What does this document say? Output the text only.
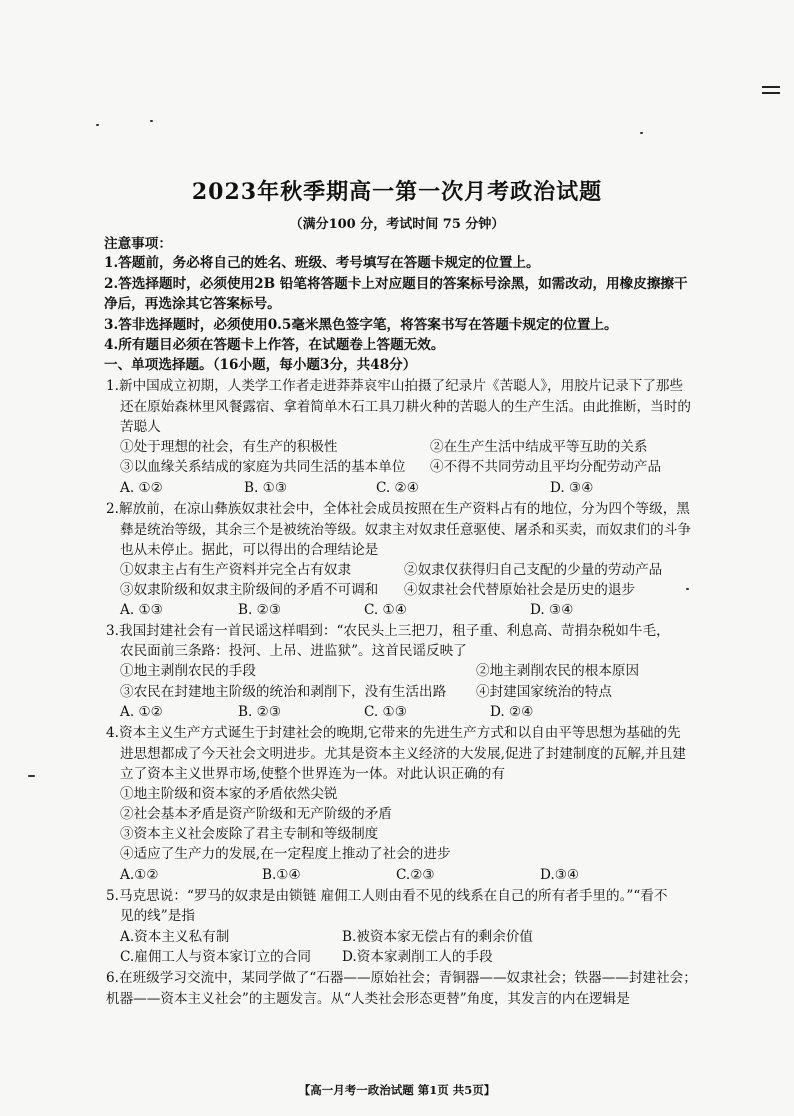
2023年秋季期高一第一次月考政治试题
（满分100 分，考试时间 75 分钟）
注意事项：
1.答题前，务必将自己的姓名、班级、考号填写在答题卡规定的位置上。
2.答选择题时，必须使用2B 铅笔将答题卡上对应题目的答案标号涂黑，如需改动，用橡皮擦擦干
净后，再选涂其它答案标号。
3.答非选择题时，必须使用0.5毫米黑色签字笔，将答案书写在答题卡规定的位置上。
4.所有题目必须在答题卡上作答，在试题卷上答题无效。
一、单项选择题。（16小题，每小题3分，共48分）
1.新中国成立初期，人类学工作者走进莽莽哀牢山拍摄了纪录片《苦聪人》，用胶片记录下了那些
还在原始森林里风餐露宿、拿着简单木石工具刀耕火种的苦聪人的生产生活。由此推断，当时的
苦聪人
①处于理想的社会，有生产的积极性	②在生产生活中结成平等互助的关系
③以血缘关系结成的家庭为共同生活的基本单位 ④不得不共同劳动且平均分配劳动产品
A. ①②	B. ①③	C. ②④	D. ③④
2.解放前，在凉山彝族奴隶社会中，全体社会成员按照在生产资料占有的地位，分为四个等级，黑
彝是统治等级，其余三个是被统治等级。奴隶主对奴隶任意驱使、屠杀和买卖，而奴隶们的斗争
也从未停止。据此，可以得出的合理结论是
①奴隶主占有生产资料并完全占有奴隶	②奴隶仅获得归自己支配的少量的劳动产品
③奴隶阶级和奴隶主阶级间的矛盾不可调和 ④奴隶社会代替原始社会是历史的退步
A. ①③	B. ②③	C. ①④	D. ③④
3.我国封建社会有一首民谣这样唱到：“农民头上三把刀，租子重、利息高、苛捐杂税如牛毛，
农民面前三条路：投河、上吊、进监狱”。这首民谣反映了
①地主剥削农民的手段	②地主剥削农民的根本原因
③农民在封建地主阶级的统治和剥削下，没有生活出路 ④封建国家统治的特点
A. ①②	B. ②③	C. ①③	D. ②④
4.资本主义生产方式诞生于封建社会的晚期,它带来的先进生产方式和以自由平等思想为基础的先
进思想都成了今天社会文明进步。尤其是资本主义经济的大发展,促进了封建制度的瓦解,并且建
立了资本主义世界市场,使整个世界连为一体。对此认识正确的有
①地主阶级和资本家的矛盾依然尖锐
②社会基本矛盾是资产阶级和无产阶级的矛盾
③资本主义社会废除了君主专制和等级制度
④适应了生产力的发展,在一定程度上推动了社会的进步
A.①②	B.①④	C.②③	D.③④
5.马克思说：“罗马的奴隶是由锁链 雇佣工人则由看不见的线系在自己的所有者手里的。”“看不
见的线”是指
A.资本主义私有制	B.被资本家无偿占有的剩余价值
C.雇佣工人与资本家订立的合同 D.资本家剥削工人的手段
6.在班级学习交流中，某同学做了“石器——原始社会；青铜器——奴隶社会；铁器——封建社会；
机器——资本主义社会”的主题发言。从“人类社会形态更替”角度，其发言的内在逻辑是
【高一月考一政治试题 第1页 共5页】
